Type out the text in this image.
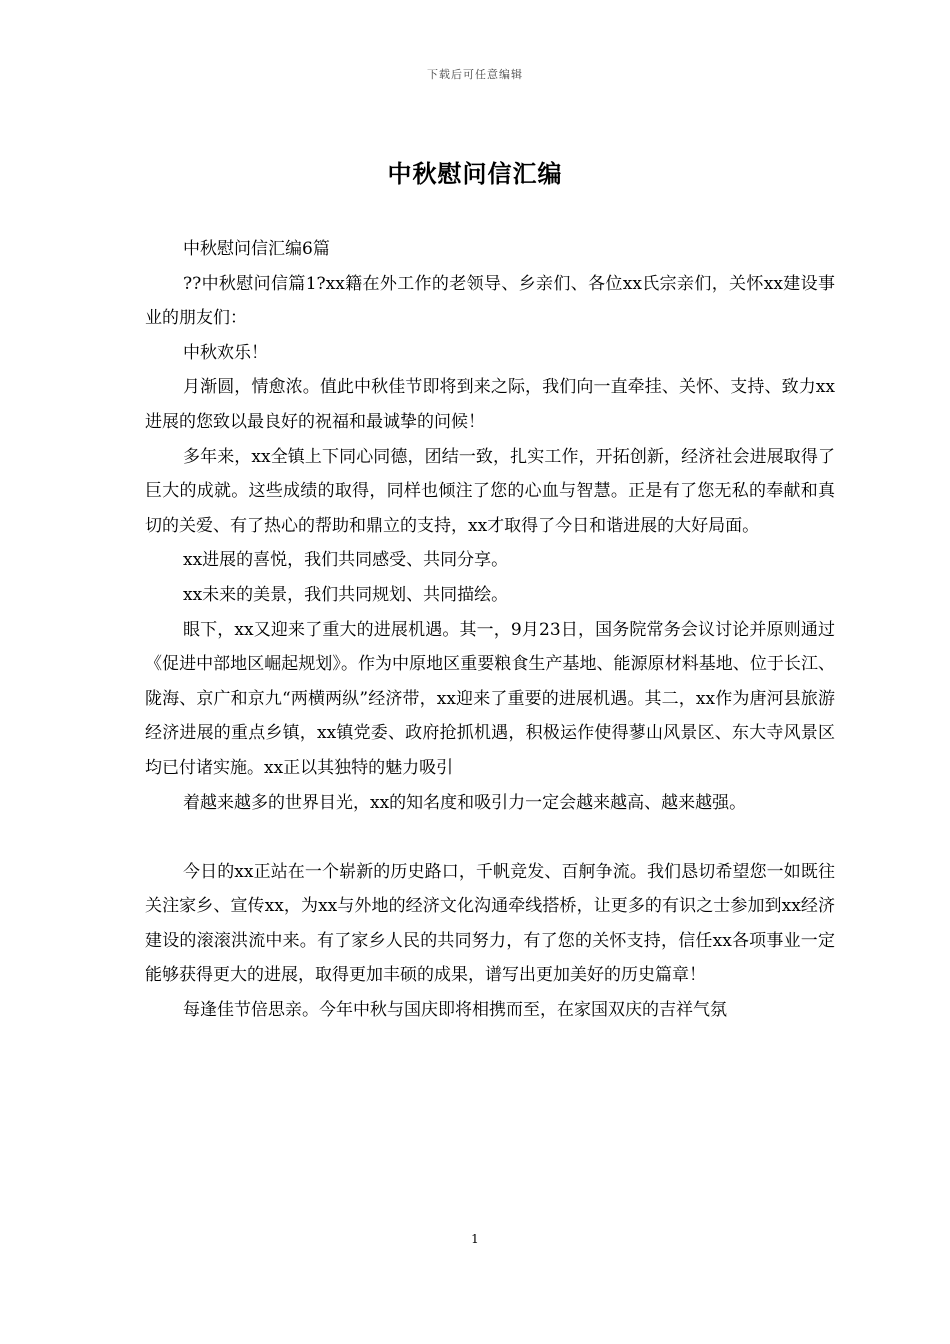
下载后可任意编辑
中秋慰问信汇编

中秋慰问信汇编6篇

??中秋慰问信篇1?xx籍在外工作的老领导、乡亲们、各位xx氏宗亲们，关怀xx建设事业的朋友们：

中秋欢乐！

月渐圆，情愈浓。值此中秋佳节即将到来之际，我们向一直牵挂、关怀、支持、致力xx进展的您致以最良好的祝福和最诚挚的问候！

多年来，xx全镇上下同心同德，团结一致，扎实工作，开拓创新，经济社会进展取得了巨大的成就。这些成绩的取得，同样也倾注了您的心血与智慧。正是有了您无私的奉献和真切的关爱、有了热心的帮助和鼎立的支持，xx才取得了今日和谐进展的大好局面。

xx进展的喜悦，我们共同感受、共同分享。

xx未来的美景，我们共同规划、共同描绘。

眼下，xx又迎来了重大的进展机遇。其一，9月23日，国务院常务会议讨论并原则通过《促进中部地区崛起规划》。作为中原地区重要粮食生产基地、能源原材料基地、位于长江、陇海、京广和京九“两横两纵”经济带，xx迎来了重要的进展机遇。其二，xx作为唐河县旅游经济进展的重点乡镇，xx镇党委、政府抢抓机遇，积极运作使得蓼山风景区、东大寺风景区均已付诸实施。xx正以其独特的魅力吸引

着越来越多的世界目光，xx的知名度和吸引力一定会越来越高、越来越强。

今日的xx正站在一个崭新的历史路口，千帆竞发、百舸争流。我们恳切希望您一如既往关注家乡、宣传xx，为xx与外地的经济文化沟通牵线搭桥，让更多的有识之士参加到xx经济建设的滚滚洪流中来。有了家乡人民的共同努力，有了您的关怀支持，信任xx各项事业一定能够获得更大的进展，取得更加丰硕的成果，谱写出更加美好的历史篇章！

每逢佳节倍思亲。今年中秋与国庆即将相携而至，在家国双庆的吉祥气氛

1
